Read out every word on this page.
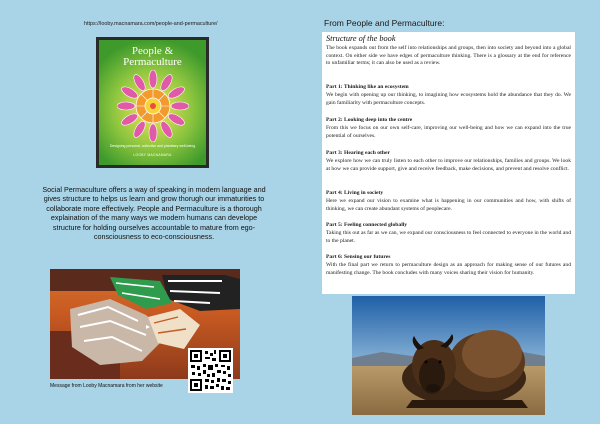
https://looby.macnamara.com/people-and-permaculture/
People &
Permaculture
Designing personal, collective and planetary well-being
LOOBY MACNAMARA
Social Permaculture offers a way of speaking in modern language and gives structure to helps us learn and grow thorugh our immaturities to collaborate more effectively. People and Permaculture is a thorough explaination of the many ways we modern humans can develope structure for holding ourselves accountable to mature from ego-consciousness to eco-consciousness.
Message from Looby Macnamara from her website
From People and Permaculture:
Structure of the book
The book expands out from the self into relationships and groups, then into society and beyond into a global context. On either side we have edges of permaculture thinking. There is a glossary at the end for reference to unfamiliar terms; it can also be used as a review.
Part 1: Thinking like an ecosystem
We begin with opening up our thinking, to imagining how ecosystems hold the abundance that they do. We gain familiarity with permaculture concepts.
Part 2: Looking deep into the centre
From this we focus on our own self-care, improving our well-being and how we can expand into the true potential of ourselves.
Part 3: Hearing each other
We explore how we can truly listen to each other to improve our relationships, families and groups. We look at how we can provide support, give and receive feedback, make decisions, and prevent and resolve conflict.
Part 4: Living in society
Here we expand our vision to examine what is happening in our communities and how, with shifts of thinking, we can create abundant systems of peoplecare.
Part 5: Feeling connected globally
Taking this out as far as we can, we expand our consciousness to feel connected to everyone in the world and to the planet.
Part 6: Sensing our futures
With the final part we return to permaculture design as an approach for making sense of our futures and manifesting change. The book concludes with many voices sharing their vision for humanity.
